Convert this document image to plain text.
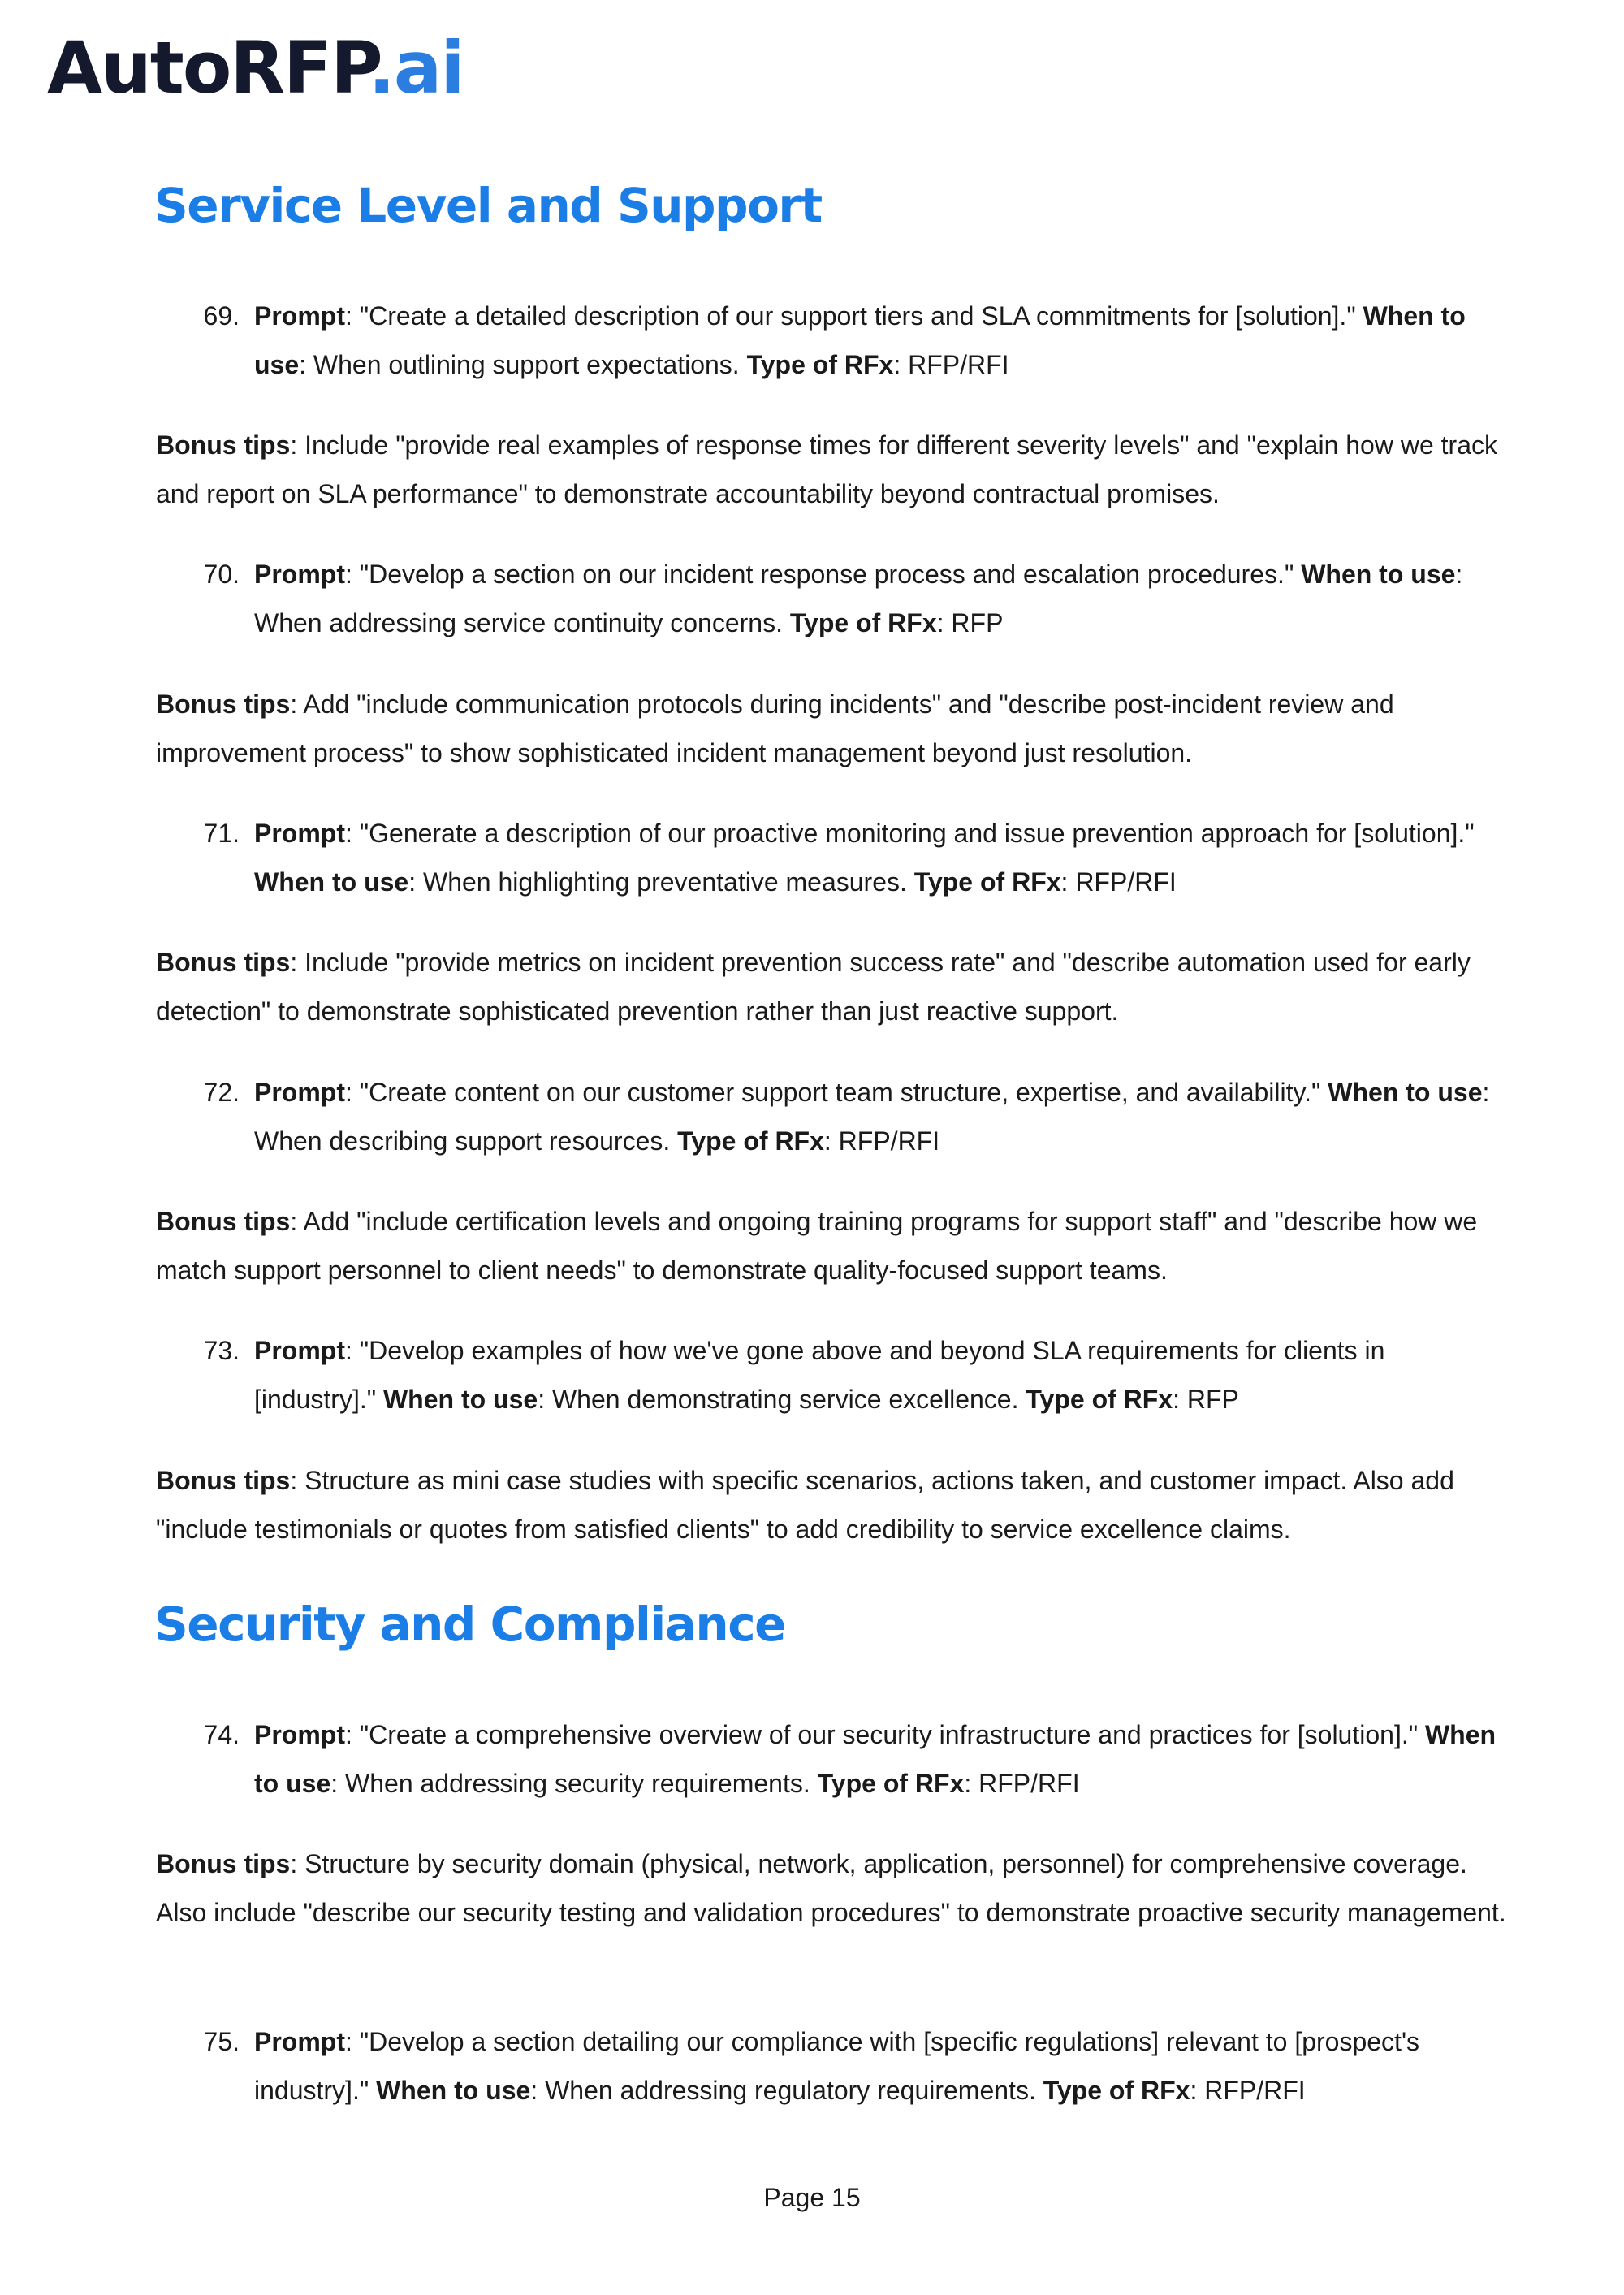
AutoRFP.ai
Service Level and Support
69. Prompt: "Create a detailed description of our support tiers and SLA commitments for [solution]." When to use: When outlining support expectations. Type of RFx: RFP/RFI
Bonus tips: Include "provide real examples of response times for different severity levels" and "explain how we track and report on SLA performance" to demonstrate accountability beyond contractual promises.
70. Prompt: "Develop a section on our incident response process and escalation procedures." When to use: When addressing service continuity concerns. Type of RFx: RFP
Bonus tips: Add "include communication protocols during incidents" and "describe post-incident review and improvement process" to show sophisticated incident management beyond just resolution.
71. Prompt: "Generate a description of our proactive monitoring and issue prevention approach for [solution]." When to use: When highlighting preventative measures. Type of RFx: RFP/RFI
Bonus tips: Include "provide metrics on incident prevention success rate" and "describe automation used for early detection" to demonstrate sophisticated prevention rather than just reactive support.
72. Prompt: "Create content on our customer support team structure, expertise, and availability." When to use: When describing support resources. Type of RFx: RFP/RFI
Bonus tips: Add "include certification levels and ongoing training programs for support staff" and "describe how we match support personnel to client needs" to demonstrate quality-focused support teams.
73. Prompt: "Develop examples of how we've gone above and beyond SLA requirements for clients in [industry]." When to use: When demonstrating service excellence. Type of RFx: RFP
Bonus tips: Structure as mini case studies with specific scenarios, actions taken, and customer impact. Also add "include testimonials or quotes from satisfied clients" to add credibility to service excellence claims.
Security and Compliance
74. Prompt: "Create a comprehensive overview of our security infrastructure and practices for [solution]." When to use: When addressing security requirements. Type of RFx: RFP/RFI
Bonus tips: Structure by security domain (physical, network, application, personnel) for comprehensive coverage. Also include "describe our security testing and validation procedures" to demonstrate proactive security management.
75. Prompt: "Develop a section detailing our compliance with [specific regulations] relevant to [prospect's industry]." When to use: When addressing regulatory requirements. Type of RFx: RFP/RFI
Page 15
